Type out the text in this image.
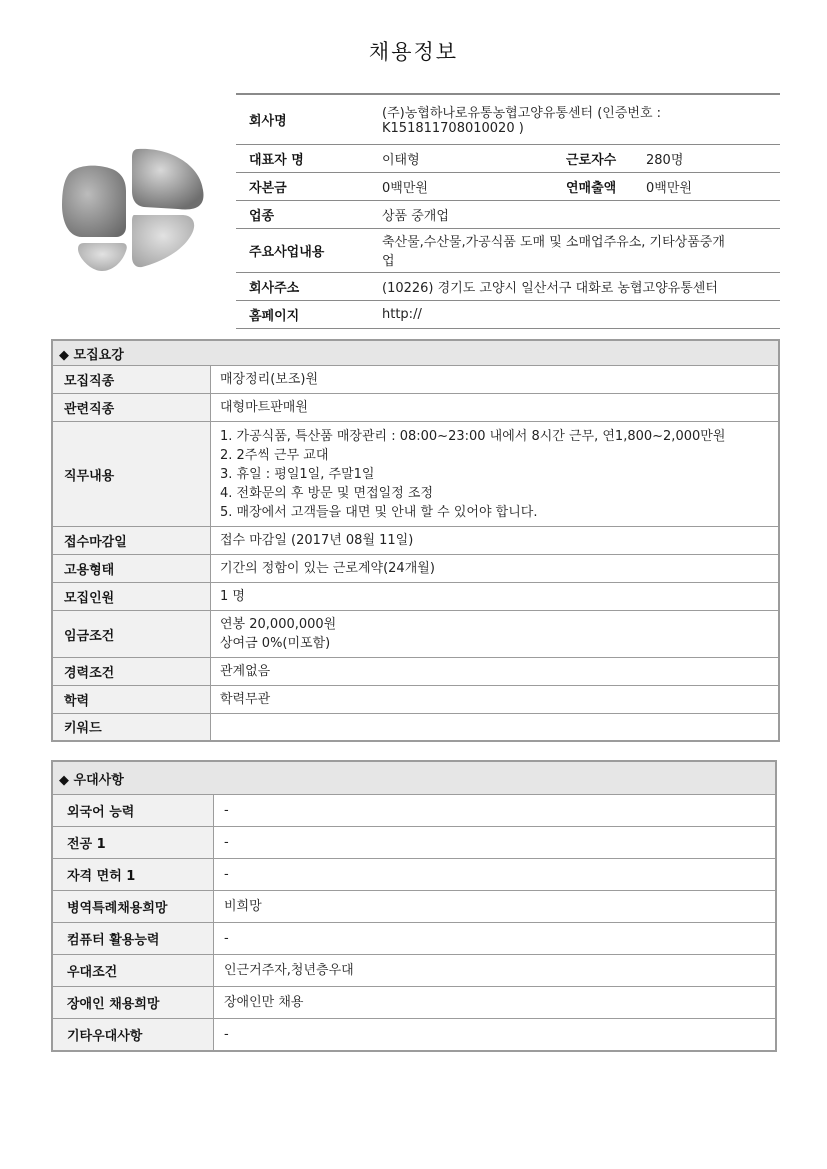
채용정보
회사명	(주)농협하나로유통농협고양유통센터 (인증번호 :
K151811708010020 )		

대표자 명	이태형	근로자수	280명
자본금	0백만원	연매출액	0백만원
업종	상품 중개업		
주요사업내용	축산물,수산물,가공식품 도매 및 소매업주유소, 기타상품중개
업		

회사주소	(10226) 경기도 고양시 일산서구 대화로 농협고양유통센터		
홈페이지	http://		
◆ 모집요강	
모집직종	매장정리(보조)원
관련직종	대형마트판매원
직무내용	1. 가공식품, 특산품 매장관리 : 08:00~23:00 내에서 8시간 근무, 연1,800~2,000만원
2. 2주씩 근무 교대
3. 휴일 : 평일1일, 주말1일
4. 전화문의 후 방문 및 면접일정 조정
5. 매장에서 고객들을 대면 및 안내 할 수 있어야 합니다.

접수마감일	접수 마감일 (2017년 08월 11일)
고용형태	기간의 정함이 있는 근로계약(24개월)
모집인원	1 명
임금조건	연봉 20,000,000원
상여금 0%(미포함)

경력조건	관계없음
학력	학력무관
키워드	
◆ 우대사항	
외국어 능력	-
전공 1	-
자격 면허 1	-
병역특례채용희망	비희망
컴퓨터 활용능력	-
우대조건	인근거주자,청년층우대
장애인 채용희망	장애인만 채용
기타우대사항	-
